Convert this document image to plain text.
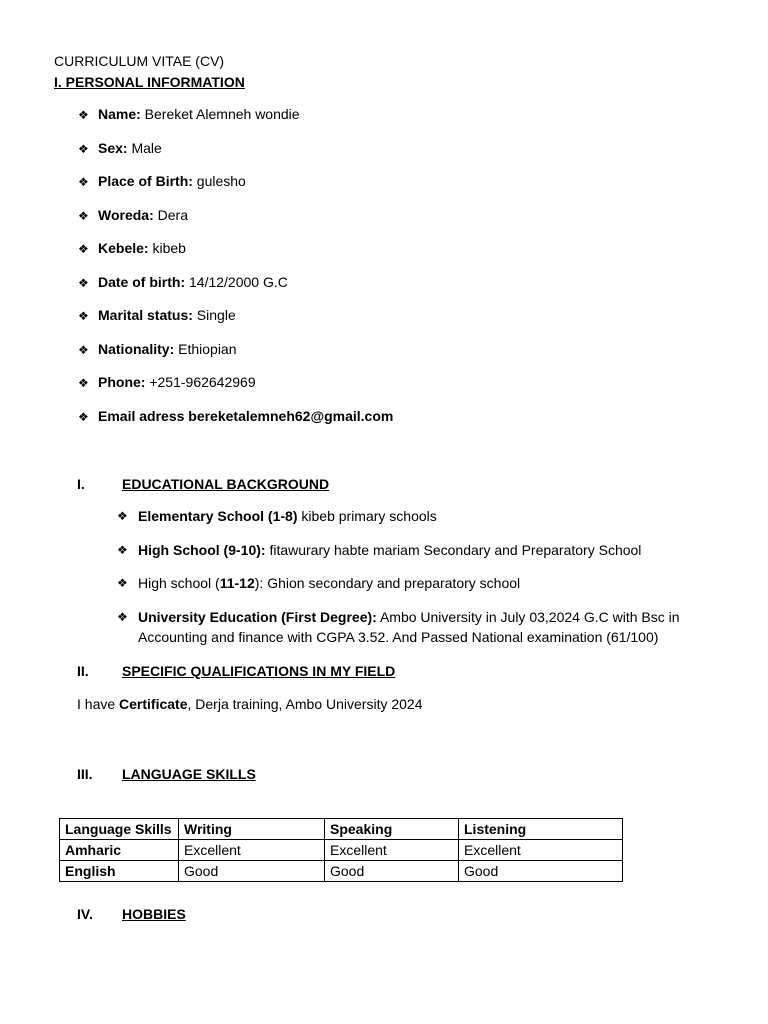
CURRICULUM VITAE (CV)
I. PERSONAL INFORMATION
❖ Name: Bereket Alemneh wondie
❖ Sex: Male
❖ Place of Birth: gulesho
❖ Woreda: Dera
❖ Kebele: kibeb
❖ Date of birth: 14/12/2000 G.C
❖ Marital status: Single
❖ Nationality: Ethiopian
❖ Phone: +251-962642969
❖ Email adress bereketalemneh62@gmail.com
I.	EDUCATIONAL BACKGROUND
❖ Elementary School (1-8) kibeb primary schools
❖ High School (9-10): fitawurary habte mariam Secondary and Preparatory School
❖ High school (11-12): Ghion secondary and preparatory school
❖ University Education (First Degree): Ambo University in July 03,2024 G.C with Bsc in Accounting and finance with CGPA 3.52. And Passed National examination (61/100)
II. SPECIFIC QUALIFICATIONS IN MY FIELD
I have Certificate, Derja training, Ambo University 2024
III. LANGUAGE SKILLS
Language Skills	Writing	Speaking	Listening
Amharic	Excellent	Excellent	Excellent
English	Good	Good	Good
IV. HOBBIES
